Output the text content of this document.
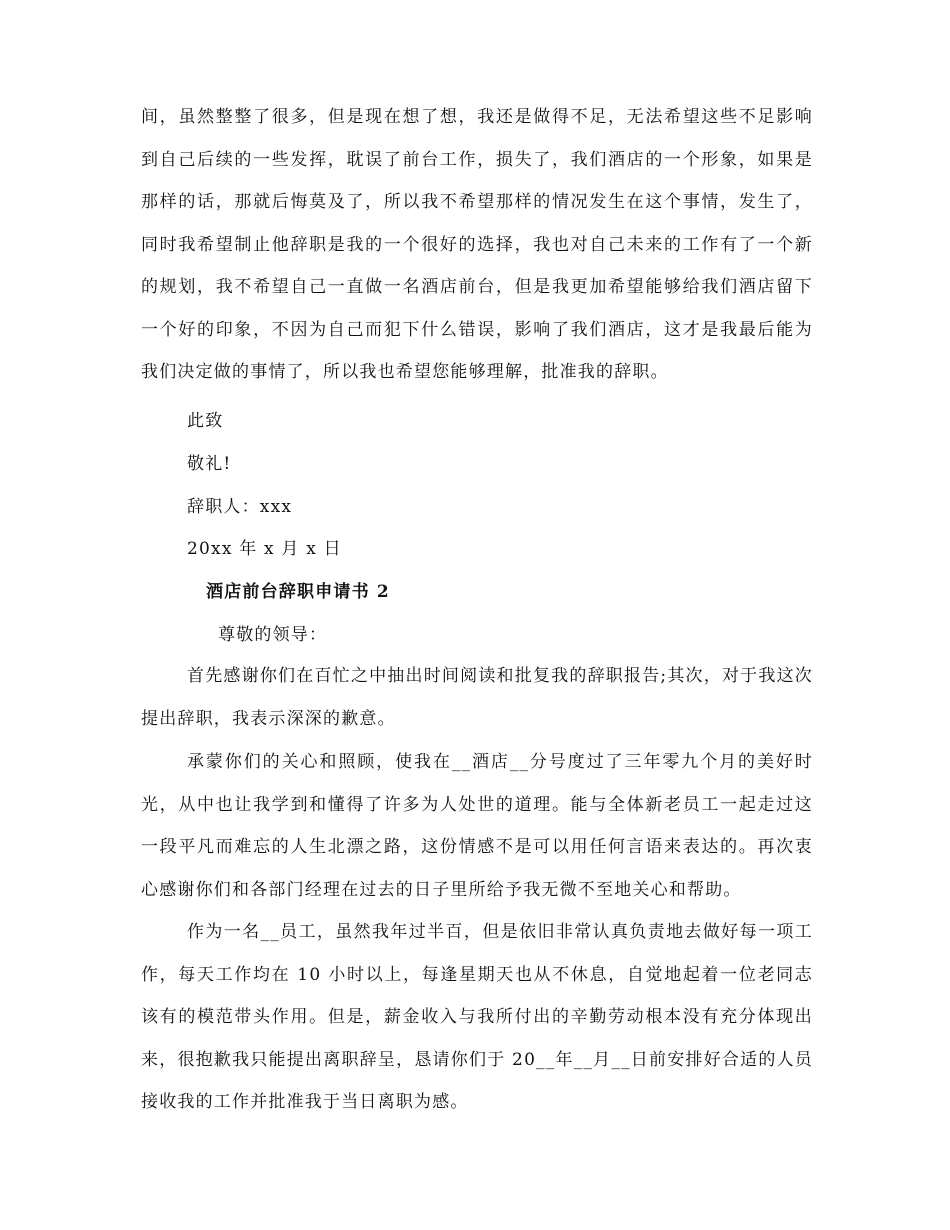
间，虽然整整了很多，但是现在想了想，我还是做得不足，无法希望这些不足影响到自己后续的一些发挥，耽误了前台工作，损失了，我们酒店的一个形象，如果是那样的话，那就后悔莫及了，所以我不希望那样的情况发生在这个事情，发生了，同时我希望制止他辞职是我的一个很好的选择，我也对自己未来的工作有了一个新的规划，我不希望自己一直做一名酒店前台，但是我更加希望能够给我们酒店留下一个好的印象，不因为自己而犯下什么错误，影响了我们酒店，这才是我最后能为我们决定做的事情了，所以我也希望您能够理解，批准我的辞职。

此致

敬礼!

辞职人：xxx

20xx 年 x 月 x 日

酒店前台辞职申请书 2

尊敬的领导：

首先感谢你们在百忙之中抽出时间阅读和批复我的辞职报告;其次，对于我这次提出辞职，我表示深深的歉意。

承蒙你们的关心和照顾，使我在__酒店__分号度过了三年零九个月的美好时光，从中也让我学到和懂得了许多为人处世的道理。能与全体新老员工一起走过这一段平凡而难忘的人生北漂之路，这份情感不是可以用任何言语来表达的。再次衷心感谢你们和各部门经理在过去的日子里所给予我无微不至地关心和帮助。

作为一名__员工，虽然我年过半百，但是依旧非常认真负责地去做好每一项工作，每天工作均在 10 小时以上，每逢星期天也从不休息，自觉地起着一位老同志该有的模范带头作用。但是，薪金收入与我所付出的辛勤劳动根本没有充分体现出来，很抱歉我只能提出离职辞呈，恳请你们于 20__年__月__日前安排好合适的人员接收我的工作并批准我于当日离职为感。
